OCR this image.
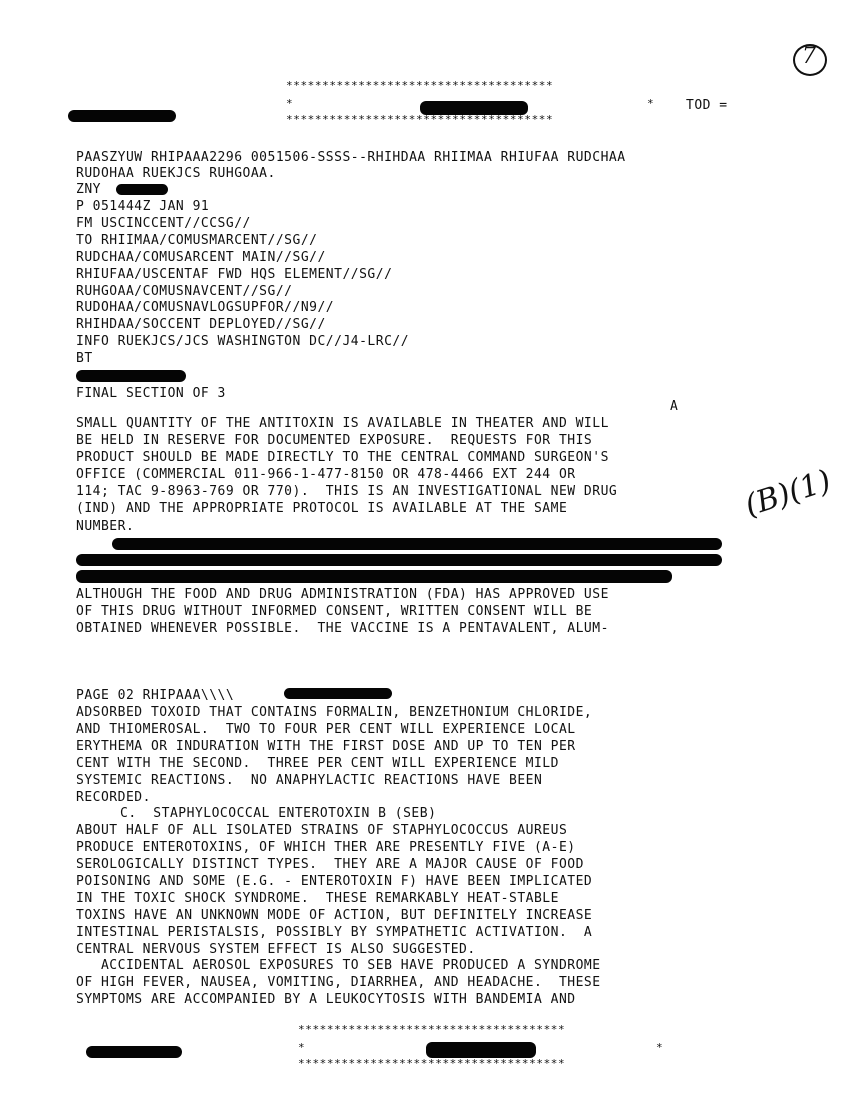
7
*************************************
*	*
*************************************
TOD =
PAASZYUW RHIPAAA2296 0051506-SSSS--RHIHDAA RHIIMAA RHIUFAA RUDCHAA
RUDOHAA RUEKJCS RUHGOAA.
ZNY
P 051444Z JAN 91
FM USCINCCENT//CCSG//
TO RHIIMAA/COMUSMARCENT//SG//
RUDCHAA/COMUSARCENT MAIN//SG//
RHIUFAA/USCENTAF FWD HQS ELEMENT//SG//
RUHGOAA/COMUSNAVCENT//SG//
RUDOHAA/COMUSNAVLOGSUPFOR//N9//
RHIHDAA/SOCCENT DEPLOYED//SG//
INFO RUEKJCS/JCS WASHINGTON DC//J4-LRC//
BT
FINAL SECTION OF 3
A
SMALL QUANTITY OF THE ANTITOXIN IS AVAILABLE IN THEATER AND WILL
BE HELD IN RESERVE FOR DOCUMENTED EXPOSURE.  REQUESTS FOR THIS
PRODUCT SHOULD BE MADE DIRECTLY TO THE CENTRAL COMMAND SURGEON'S
OFFICE (COMMERCIAL 011-966-1-477-8150 OR 478-4466 EXT 244 OR
114; TAC 9-8963-769 OR 770).  THIS IS AN INVESTIGATIONAL NEW DRUG
(IND) AND THE APPROPRIATE PROTOCOL IS AVAILABLE AT THE SAME
NUMBER.
(B)(1)
ALTHOUGH THE FOOD AND DRUG ADMINISTRATION (FDA) HAS APPROVED USE
OF THIS DRUG WITHOUT INFORMED CONSENT, WRITTEN CONSENT WILL BE
OBTAINED WHENEVER POSSIBLE.  THE VACCINE IS A PENTAVALENT, ALUM-
PAGE 02 RHIPAAA\\\\
ADSORBED TOXOID THAT CONTAINS FORMALIN, BENZETHONIUM CHLORIDE,
AND THIOMEROSAL.  TWO TO FOUR PER CENT WILL EXPERIENCE LOCAL
ERYTHEMA OR INDURATION WITH THE FIRST DOSE AND UP TO TEN PER
CENT WITH THE SECOND.  THREE PER CENT WILL EXPERIENCE MILD
SYSTEMIC REACTIONS.  NO ANAPHYLACTIC REACTIONS HAVE BEEN
RECORDED.
C.  STAPHYLOCOCCAL ENTEROTOXIN B (SEB)
ABOUT HALF OF ALL ISOLATED STRAINS OF STAPHYLOCOCCUS AUREUS
PRODUCE ENTEROTOXINS, OF WHICH THER ARE PRESENTLY FIVE (A-E)
SEROLOGICALLY DISTINCT TYPES.  THEY ARE A MAJOR CAUSE OF FOOD
POISONING AND SOME (E.G. - ENTEROTOXIN F) HAVE BEEN IMPLICATED
IN THE TOXIC SHOCK SYNDROME.  THESE REMARKABLY HEAT-STABLE
TOXINS HAVE AN UNKNOWN MODE OF ACTION, BUT DEFINITELY INCREASE
INTESTINAL PERISTALSIS, POSSIBLY BY SYMPATHETIC ACTIVATION.  A
CENTRAL NERVOUS SYSTEM EFFECT IS ALSO SUGGESTED.
ACCIDENTAL AEROSOL EXPOSURES TO SEB HAVE PRODUCED A SYNDROME
OF HIGH FEVER, NAUSEA, VOMITING, DIARRHEA, AND HEADACHE.  THESE
SYMPTOMS ARE ACCOMPANIED BY A LEUKOCYTOSIS WITH BANDEMIA AND
*************************************
*	*
*************************************
